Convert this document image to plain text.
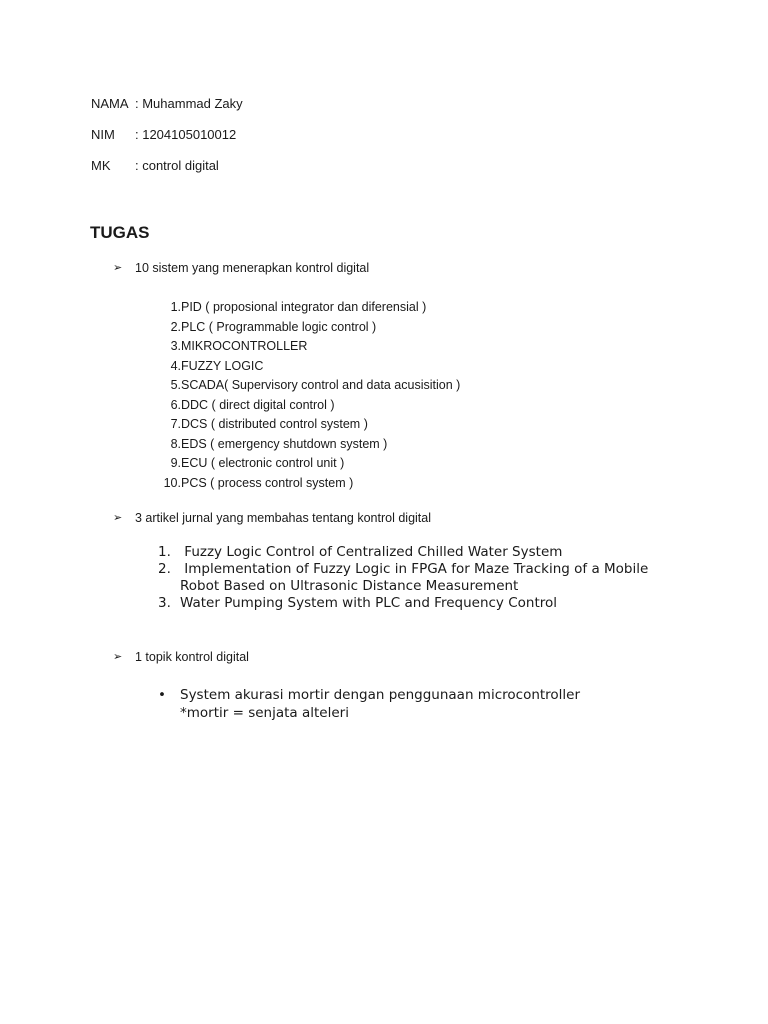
NAMA : Muhammad Zaky
NIM	: 1204105010012
MK	: control digital
TUGAS
➢	10 sistem yang menerapkan kontrol digital
1. PID ( proposional integrator dan diferensial )
2. PLC ( Programmable logic control )
3. MIKROCONTROLLER
4. FUZZY LOGIC
5. SCADA( Supervisory control and data acusisition )
6. DDC ( direct digital control )
7. DCS ( distributed control system )
8. EDS ( emergency shutdown system )
9. ECU ( electronic control unit )
10. PCS ( process control system )
➢	3 artikel jurnal yang membahas tentang kontrol digital
1. Fuzzy Logic Control of Centralized Chilled Water System
2. Implementation of Fuzzy Logic in FPGA for Maze Tracking of a Mobile Robot Based on Ultrasonic Distance Measurement
3. Water Pumping System with PLC and Frequency Control
➢	1 topik kontrol digital
•	System akurasi mortir dengan penggunaan microcontroller
*mortir = senjata alteleri
